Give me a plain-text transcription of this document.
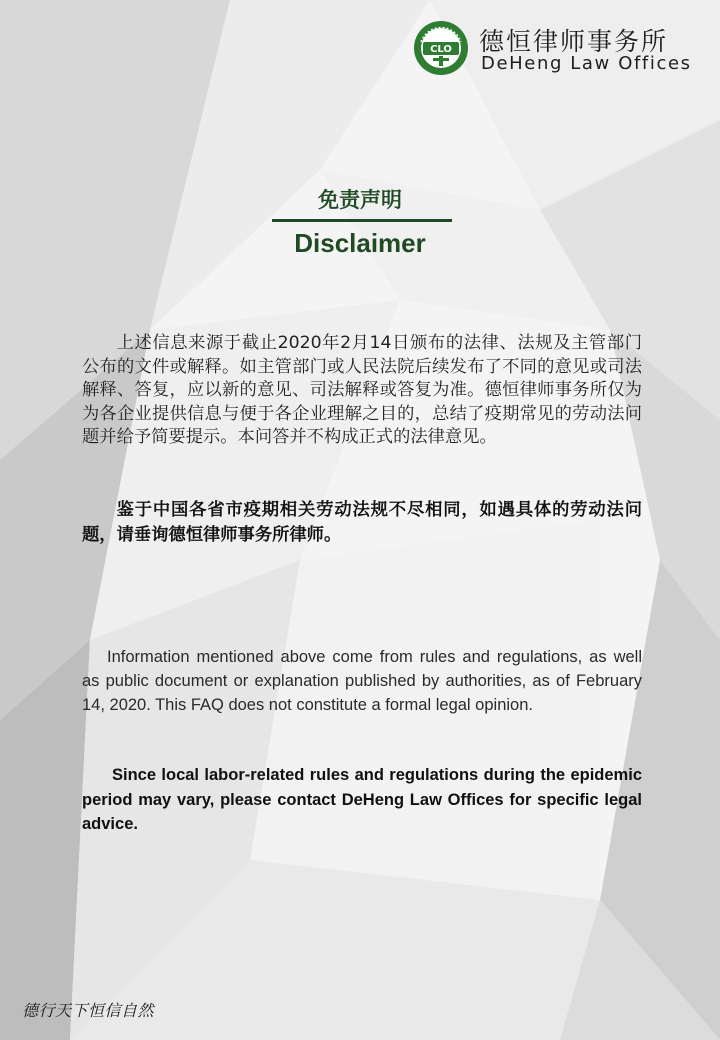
CLO 德恒律师事务所
DeHeng Law Offices
免责声明
Disclaimer
上述信息来源于截止2020年2月14日颁布的法律、法规及主管部门公布的文件或解释。如主管部门或人民法院后续发布了不同的意见或司法解释、答复，应以新的意见、司法解释或答复为准。德恒律师事务所仅为为各企业提供信息与便于各企业理解之目的，总结了疫期常见的劳动法问题并给予简要提示。本问答并不构成正式的法律意见。
鉴于中国各省市疫期相关劳动法规不尽相同，如遇具体的劳动法问题，请垂询德恒律师事务所律师。
Information mentioned above come from rules and regulations, as well as public document or explanation published by authorities, as of February 14, 2020. This FAQ does not constitute a formal legal opinion.
Since local labor-related rules and regulations during the epidemic period may vary, please contact DeHeng Law Offices for specific legal advice.
德行天下恒信自然
